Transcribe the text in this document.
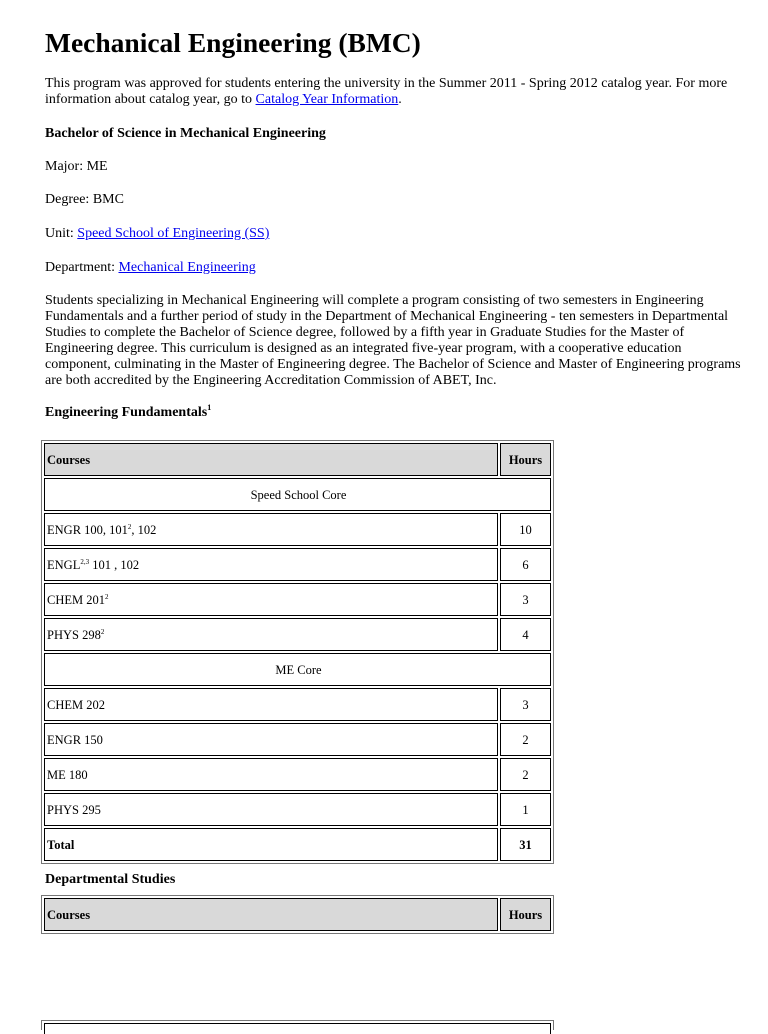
Mechanical Engineering (BMC)

This program was approved for students entering the university in the Summer 2011 - Spring 2012 catalog year. For more information about catalog year, go to Catalog Year Information.

Bachelor of Science in Mechanical Engineering

Major: ME

Degree: BMC

Unit: Speed School of Engineering (SS)

Department: Mechanical Engineering

Students specializing in Mechanical Engineering will complete a program consisting of two semesters in Engineering Fundamentals and a further period of study in the Department of Mechanical Engineering - ten semesters in Departmental Studies to complete the Bachelor of Science degree, followed by a fifth year in Graduate Studies for the Master of Engineering degree. This curriculum is designed as an integrated five-year program, with a cooperative education component, culminating in the Master of Engineering degree. The Bachelor of Science and Master of Engineering programs are both accredited by the Engineering Accreditation Commission of ABET, Inc.

Engineering Fundamentals$^1$

Courses	Hours
Speed School Core	
ENGR 100, $101^2$, 102	10
ENGL$^{2,3}$ 101 , 102	6
CHEM $201^2$	3
PHYS $298^2$	4
ME Core	
CHEM 202	3
ENGR 150	2
ME 180	2
PHYS 295	1
Total	31

Departmental Studies

Courses	Hours
